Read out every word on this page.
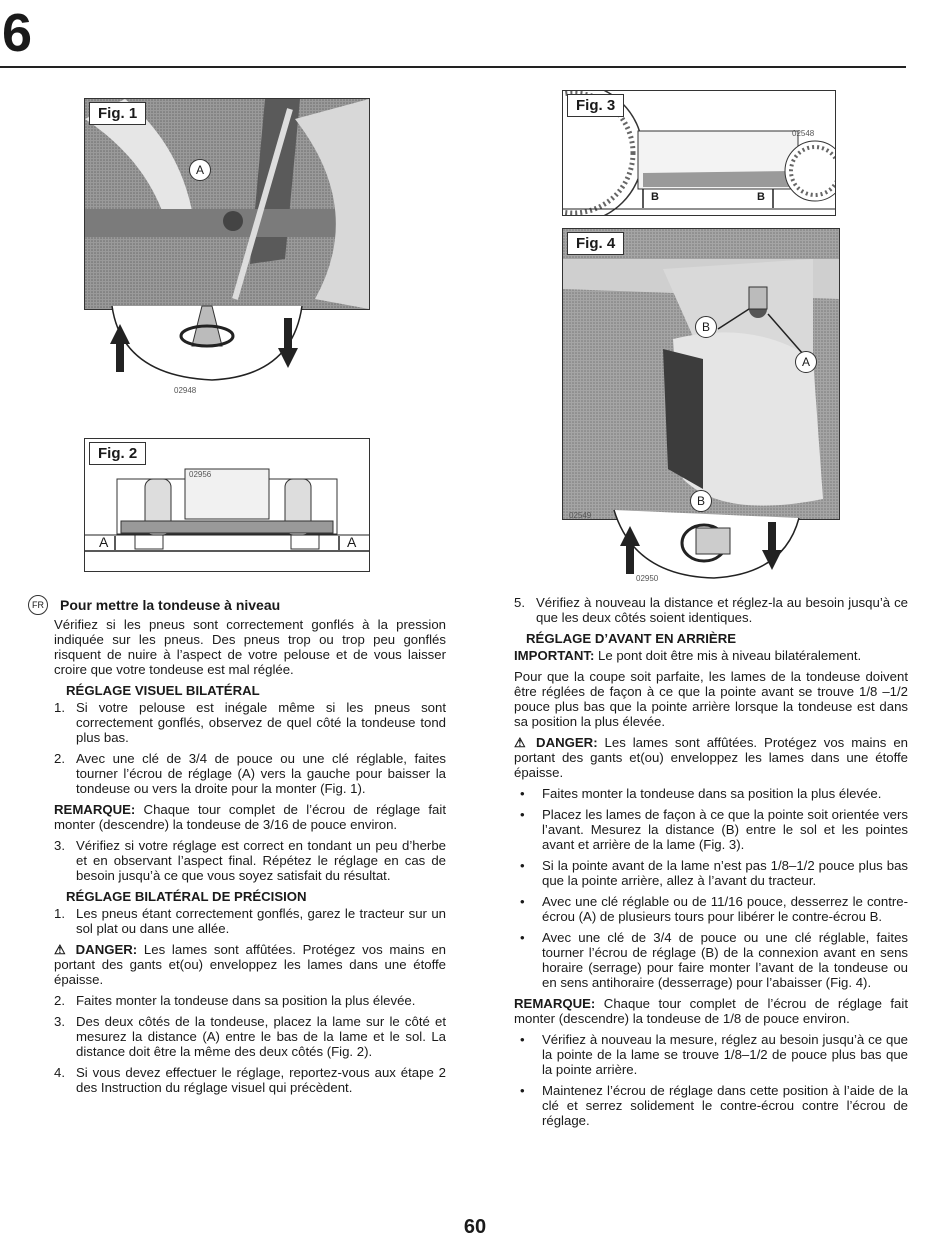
6
Fig. 1
A
02948
Fig. 2
02956
A	A
Fig. 3
02548
B	B
Fig. 4
B
A
02549
B
02950
FR Pour mettre la tondeuse à niveau

Vérifiez si les pneus sont correctement gonflés à la pression indiquée sur les pneus. Des pneus trop ou trop peu gonflés risquent de nuire à l’aspect de votre pelouse et de vous laisser croire que votre tondeuse est mal réglée.

RÉGLAGE VISUEL BILATÉRAL
1. Si votre pelouse est inégale même si les pneus sont correctement gonflés, observez de quel côté la tondeuse tond plus bas.
2. Avec une clé de 3/4 de pouce ou une clé réglable, faites tourner l’écrou de réglage (A) vers la gauche pour baisser la tondeuse ou vers la droite pour la monter (Fig. 1).

REMARQUE: Chaque tour complet de l’écrou de réglage fait monter (descendre) la tondeuse de 3/16 de pouce environ.

3. Vérifiez si votre réglage est correct en tondant un peu d’herbe et en observant l’aspect final. Répétez le réglage en cas de besoin jusqu’à ce que vous soyez satisfait du résultat.
RÉGLAGE BILATÉRAL DE PRÉCISION
1. Les pneus étant correctement gonflés, garez le tracteur sur un sol plat ou dans une allée.

⚠ DANGER: Les lames sont affûtées. Protégez vos mains en portant des gants et(ou) enveloppez les lames dans une étoffe épaisse.

2. Faites monter la tondeuse dans sa position la plus élevée.
3. Des deux côtés de la tondeuse, placez la lame sur le côté et mesurez la distance (A) entre le bas de la lame et le sol. La distance doit être la même des deux côtés (Fig. 2).
4. Si vous devez effectuer le réglage, reportez-vous aux étape 2 des Instruction du réglage visuel qui précèdent.
5. Vérifiez à nouveau la distance et réglez-la au besoin jusqu’à ce que les deux côtés soient identiques.
RÉGLAGE D’AVANT EN ARRIÈRE

IMPORTANT: Le pont doit être mis à niveau bilatéralement.

Pour que la coupe soit parfaite, les lames de la tondeuse doivent être réglées de façon à ce que la pointe avant se trouve 1/8 –1/2 pouce plus bas que la pointe arrière lorsque la tondeuse est dans sa position la plus élevée.

⚠ DANGER: Les lames sont affûtées. Protégez vos mains en portant des gants et(ou) enveloppez les lames dans une étoffe épaisse.

•	Faites monter la tondeuse dans sa position la plus élevée.
•	Placez les lames de façon à ce que la pointe soit orientée vers l’avant. Mesurez la distance (B) entre le sol et les pointes avant et arrière de la lame (Fig. 3).
•	Si la pointe avant de la lame n’est pas 1/8–1/2 pouce plus bas que la pointe arrière, allez à l’avant du tracteur.
•	Avec une clé réglable ou de 11/16 pouce, desserrez le contre-écrou (A) de plusieurs tours pour libérer le contre-écrou B.
•	Avec une clé de 3/4 de pouce ou une clé réglable, faites tourner l’écrou de réglage (B) de la connexion avant en sens horaire (serrage) pour faire monter l’avant de la tondeuse ou en sens antihoraire (desserrage) pour l’abaisser (Fig. 4).

REMARQUE: Chaque tour complet de l’écrou de réglage fait monter (descendre) la tondeuse de 1/8 de pouce environ.

•	Vérifiez à nouveau la mesure, réglez au besoin jusqu’à ce que la pointe de la lame se trouve 1/8–1/2 de pouce plus bas que la pointe arrière.
•	Maintenez l’écrou de réglage dans cette position à l’aide de la clé et serrez solidement le contre-écrou contre l’écrou de réglage.
60
